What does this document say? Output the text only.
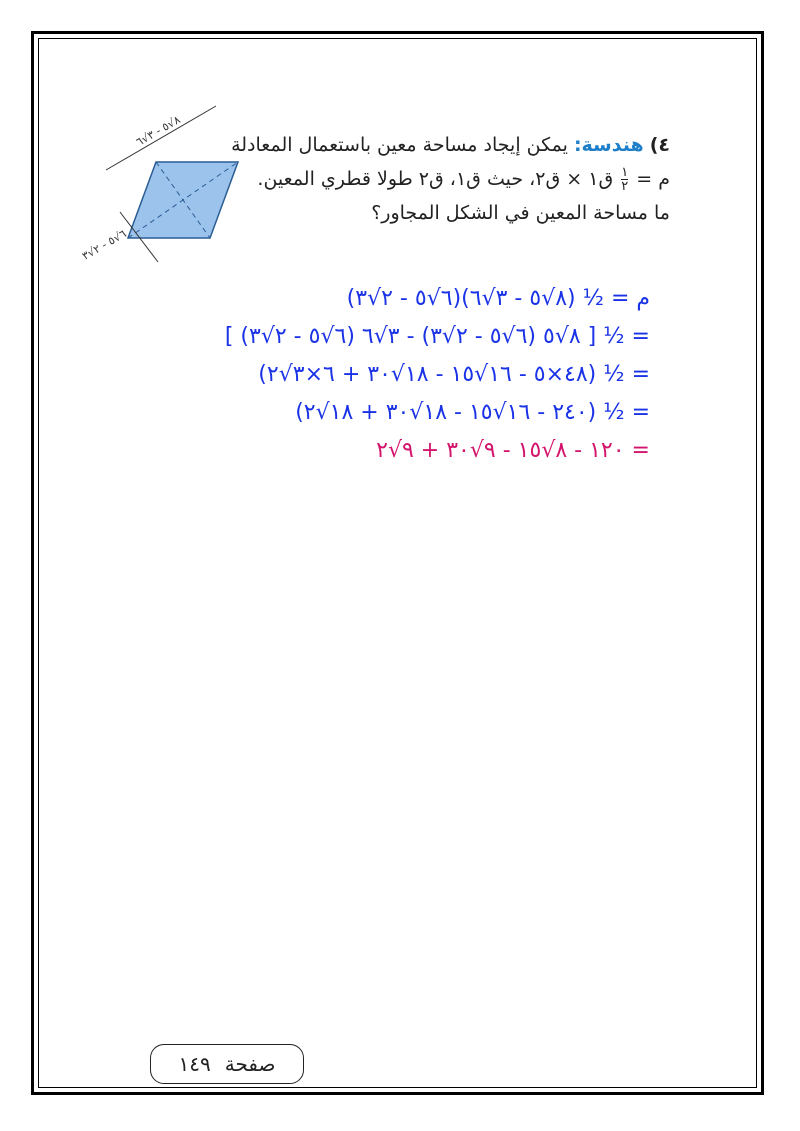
٤) هندسة: يمكن إيجاد مساحة معين باستعمال المعادلة
م =
$\frac{١}{٢}$
ق١ × ق٢، حيث ق١، ق٢ طولا قطري المعين.
ما مساحة المعين في الشكل المجاور؟
٨√٥ - ٣√٦
٦√٥ - ٢√٣
م = ½ (٨√٥ - ٣√٦)(٦√٥ - ٢√٣)
= ½ [ ٨√٥ (٦√٥ - ٢√٣) - ٣√٦ (٦√٥ - ٢√٣) ]
= ½ (٤٨×٥ - ١٦√١٥ - ١٨√٣٠ + ٦×٣√٢)
= ½ (٢٤٠ - ١٦√١٥ - ١٨√٣٠ + ١٨√٢)
= ١٢٠ - ٨√١٥ - ٩√٣٠ + ٩√٢
صفحة
١٤٩
